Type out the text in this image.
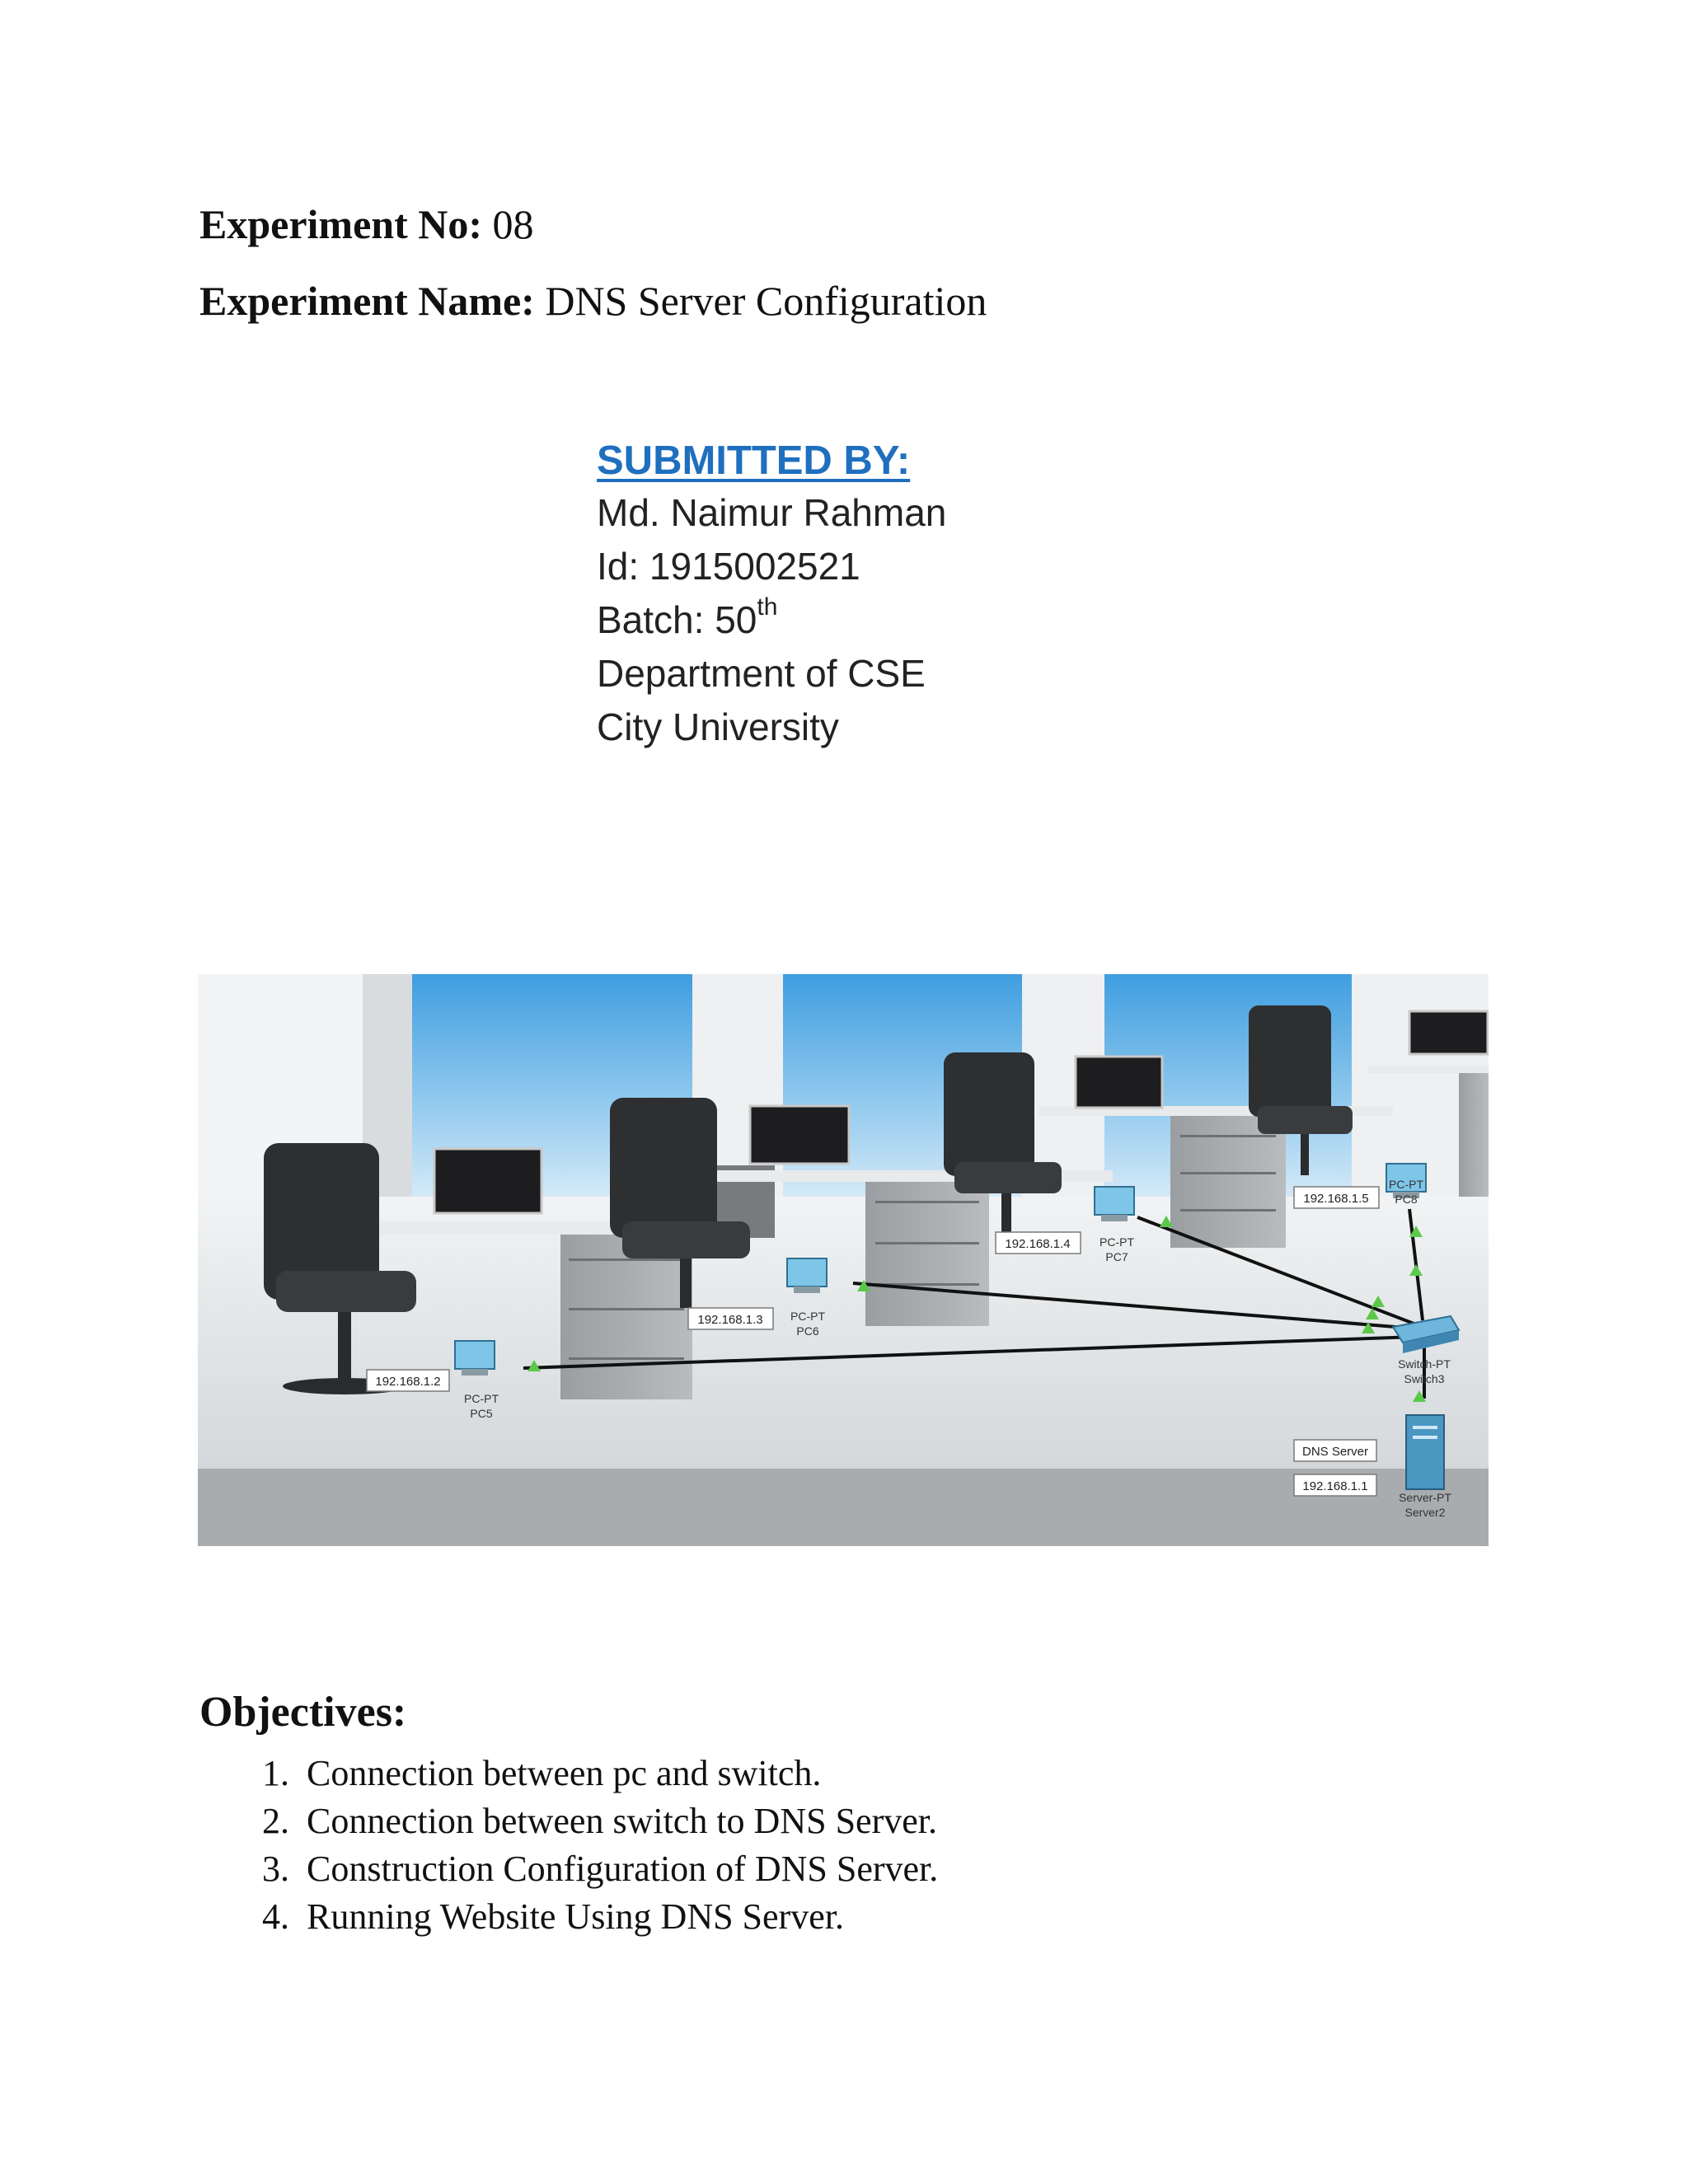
Experiment No: 08
Experiment Name: DNS Server Configuration
SUBMITTED BY:
Md. Naimur Rahman
Id: 1915002521
Batch: 50th
Department of CSE
City University
192.168.1.2
PC-PT
PC5
192.168.1.3 PC-PT
PC6
192.168.1.4	PC-PT
PC7
192.168.1.5
PC-PT
PC8
Switch-PT
Switch3
DNS Server
192.168.1.1
Server-PT
Server2
Objectives:
1. Connection between pc and switch.
2. Connection between switch to DNS Server.
3. Construction Configuration of DNS Server.
4. Running Website Using DNS Server.
